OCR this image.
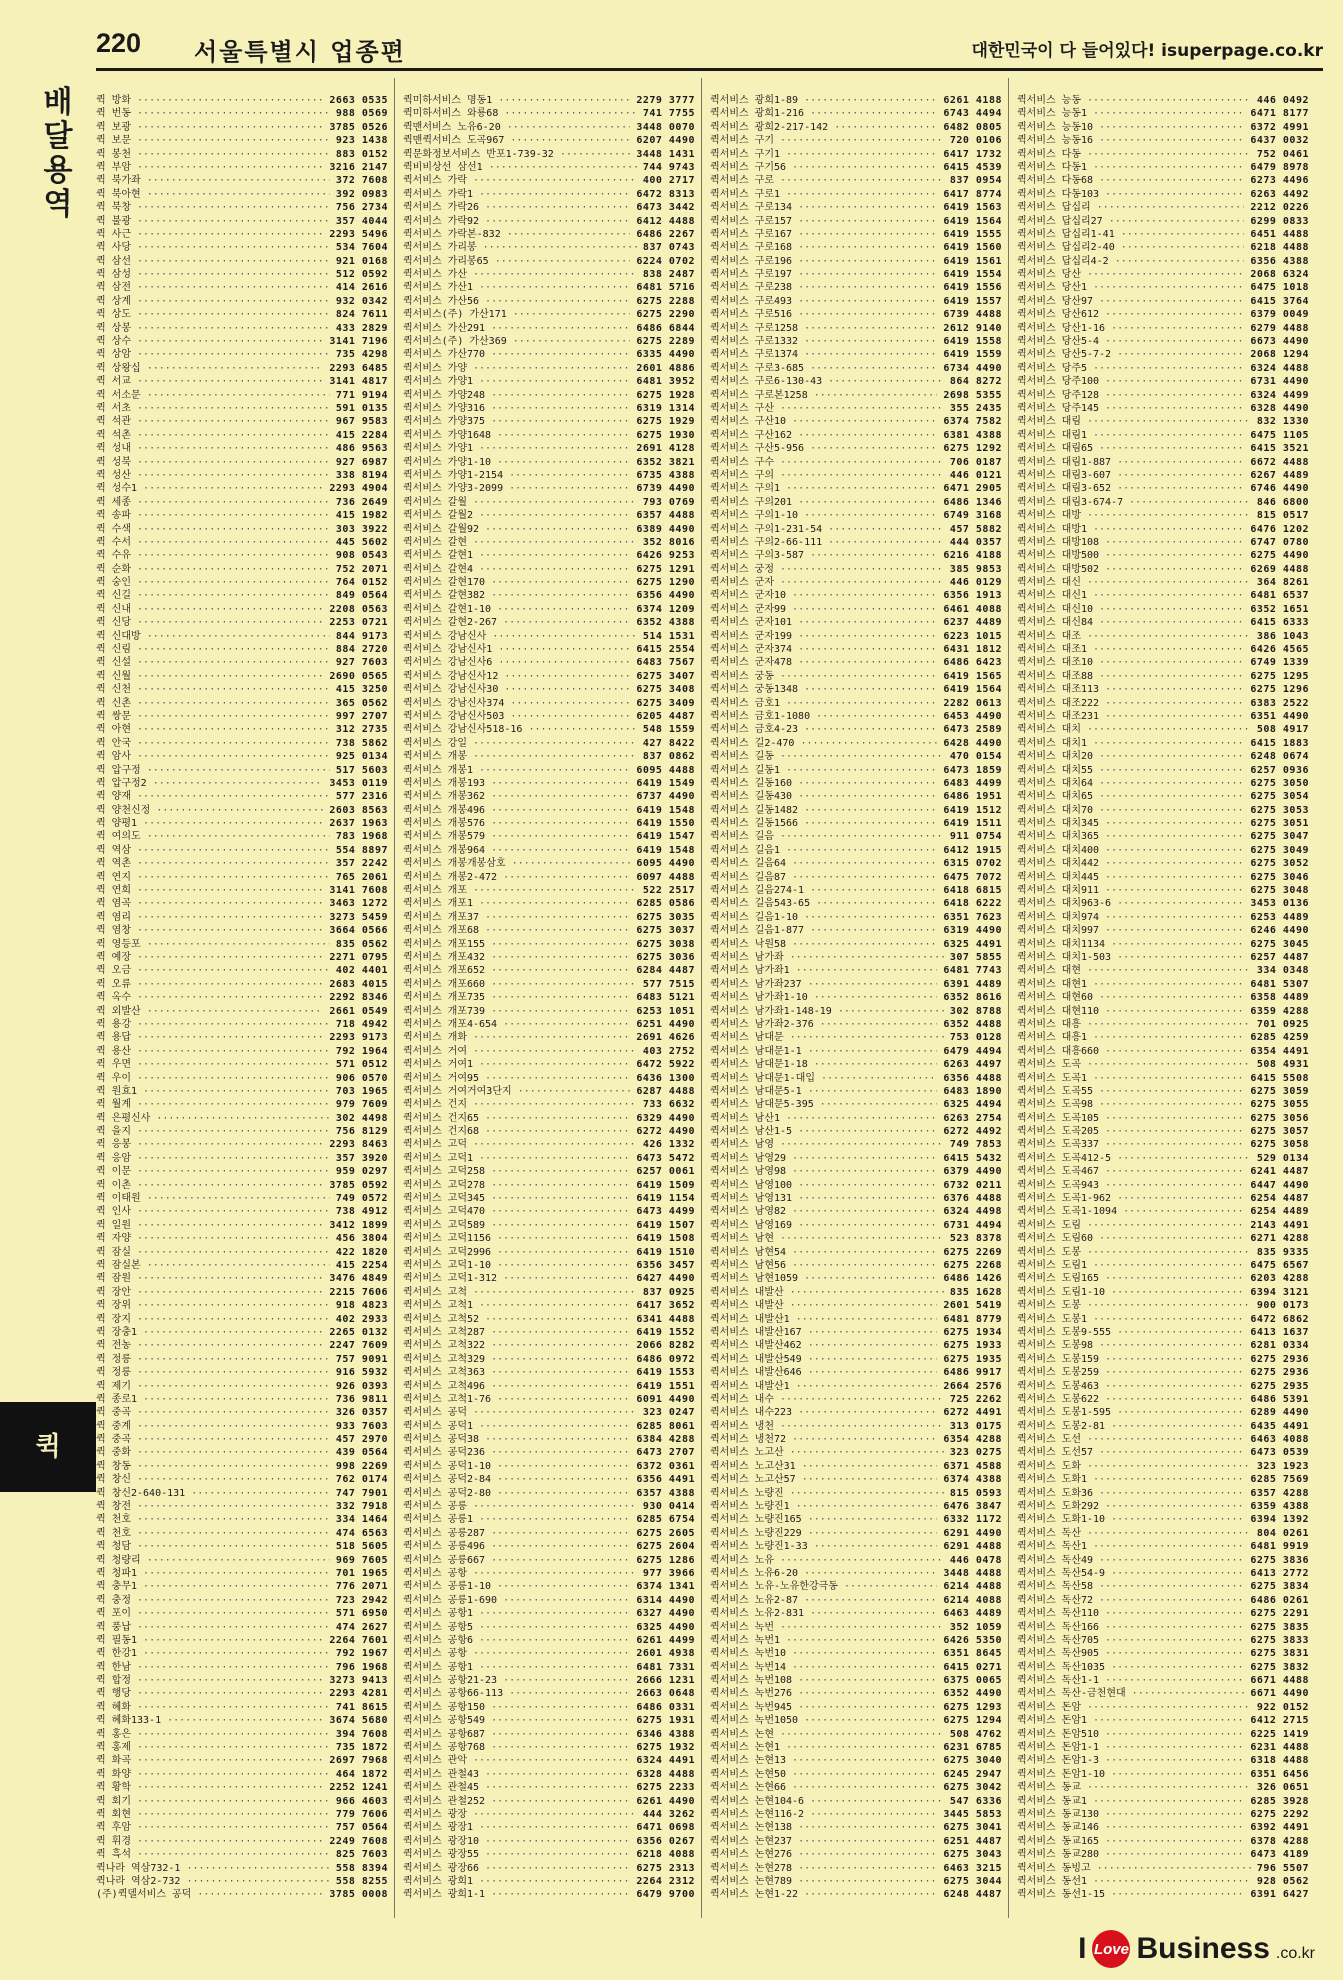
220 서울특별시 업종편	대한민국이 다 들어있다! isuperpage.co.kr
배달용역
퀵
퀵 방화 ·····	2663 0535
퀵 번동 ·····	988 0569
퀵 보광 ·····	3785 0526
퀵 보문 ·····	923 1438
퀵 봉천 ·····	883 0152
퀵 부암 ·····	3216 2147
퀵 북가좌 ·····	372 7608
퀵 북아현 ·····	392 0983
퀵 북창 ·····	756 2734
퀵 불광 ·····	357 4044
퀵 사근 ·····	2293 5496
퀵 사당 ·····	534 7604
퀵 삼선 ·····	921 0168
퀵 삼성 ·····	512 0592
퀵 삼전 ·····	414 2616
퀵 상계 ·····	932 0342
퀵 상도 ·····	824 7611
퀵 상봉 ·····	433 2829
퀵 상수 ·····	3141 7196
퀵 상암 ·····	735 4298
퀵 상왕십 ·····	2293 6485
퀵 서교 ·····	3141 4817
퀵 서소문 ·····	771 9194
퀵 서초 ·····	591 0135
퀵 석관 ·····	967 9583
퀵 석촌 ·····	415 2284
퀵 성내 ·····	486 9563
퀵 성북 ·····	927 6987
퀵 성산 ·····	338 8194
퀵 성수1 ·····	2293 4904
퀵 세종 ·····	736 2649
퀵 송파 ·····	415 1982
퀵 수색 ·····	303 3922
퀵 수서 ·····	445 5602
퀵 수유 ·····	908 0543
퀵 순화 ·····	752 2071
퀵 숭인 ·····	764 0152
퀵 신길 ·····	849 0564
퀵 신내 ·····	2208 0563
퀵 신당 ·····	2253 0721
퀵 신대방 ·····	844 9173
퀵 신림 ·····	884 2720
퀵 신설 ·····	927 7603
퀵 신월 ·····	2690 0565
퀵 신천 ·····	415 3250
퀵 신촌 ·····	365 0562
퀵 쌍문 ·····	997 2707
퀵 아현 ·····	312 2735
퀵 안국 ·····	738 5862
퀵 암사 ·····	925 0134
퀵 압구정 ·····	517 5603
퀵 압구정2 ·····	3453 0119
퀵 양재 ·····	577 2316
퀵 양천신정 ·····	2603 8563
퀵 양평1 ·····	2637 1963
퀵 여의도 ·····	783 1968
퀵 역삼 ·····	554 8897
퀵 역촌 ·····	357 2242
퀵 연지 ·····	765 2061
퀵 연희 ·····	3141 7608
퀵 염곡 ·····	3463 1272
퀵 염리 ·····	3273 5459
퀵 염창 ·····	3664 0566
퀵 영등포 ·····	835 0562
퀵 예장 ·····	2271 0795
퀵 오금 ·····	402 4401
퀵 오류 ·····	2683 4015
퀵 옥수 ·····	2292 8346
퀵 외발산 ·····	2661 0549
퀵 용강 ·····	718 4942
퀵 용답 ·····	2293 9173
퀵 용산 ·····	792 1964
퀵 우면 ·····	571 0512
퀵 우이 ·····	906 0570
퀵 원효1 ·····	703 1965
퀵 월계 ·····	979 7609
퀵 은평신사 ·····	302 4498
퀵 을지 ·····	756 8129
퀵 응봉 ·····	2293 8463
퀵 응암 ·····	357 3920
퀵 이문 ·····	959 0297
퀵 이촌 ·····	3785 0592
퀵 이태원 ·····	749 0572
퀵 인사 ·····	738 4912
퀵 일원 ·····	3412 1899
퀵 자양 ·····	456 3804
퀵 잠실 ·····	422 1820
퀵 잠실본 ·····	415 2254
퀵 잠원 ·····	3476 4849
퀵 장안 ·····	2215 7606
퀵 장위 ·····	918 4823
퀵 장지 ·····	402 2933
퀵 장충1 ·····	2265 0132
퀵 전농 ·····	2247 7609
퀵 정릉 ·····	757 9091
퀵 정릉 ·····	916 5932
퀵 제기 ·····	926 0393
퀵 종로1 ·····	736 9811
퀵 중곡 ·····	326 0357
퀵 중계 ·····	933 7603
퀵 중곡 ·····	457 2970
퀵 중화 ·····	439 0564
퀵 창동 ·····	998 2269
퀵 창신 ·····	762 0174
퀵 창신2-640-131 ·····	747 7901
퀵 창전 ·····	332 7918
퀵 천호 ·····	334 1464
퀵 천호 ·····	474 6563
퀵 청담 ·····	518 5605
퀵 청량리 ·····	969 7605
퀵 청파1 ·····	701 1965
퀵 충무1 ·····	776 2071
퀵 충정 ·····	723 2942
퀵 포이 ·····	571 6950
퀵 풍납 ·····	474 2627
퀵 필동1 ·····	2264 7601
퀵 한강1 ·····	792 1967
퀵 한남 ·····	796 1968
퀵 합정 ·····	3273 9413
퀵 행당 ·····	2293 4281
퀵 혜화 ·····	741 8615
퀵 혜화133-1 ·····	3674 5680
퀵 홍은 ·····	394 7608
퀵 홍제 ·····	735 1872
퀵 화곡 ·····	2697 7968
퀵 화양 ·····	464 1872
퀵 황학 ·····	2252 1241
퀵 회기 ·····	966 4603
퀵 회현 ·····	779 7606
퀵 후암 ·····	757 0564
퀵 휘경 ·····	2249 7608
퀵 흑석 ·····	825 7603
퀵나라 역삼732-1 ·····	558 8394
퀵나라 역삼2-732 ·····	558 8255
(주)퀵델서비스 공덕 ·····	3785 0008
퀵미하서비스 명동1 ·····	2279 3777
퀵미하서비스 와룡68 ·····	741 7755
퀵맨서비스 노유6-20 ·····	3448 0070
퀵맨퀵서비스 도곡967 ·····	6207 4490
퀵문화정보서비스 반포1-739-32 ·····	3448 1431
퀵비비상선 삼선1 ·····	744 9743
퀵서비스 가락 ·····	400 2717
퀵서비스 가락1 ·····	6472 8313
퀵서비스 가락26 ·····	6473 3442
퀵서비스 가락92 ·····	6412 4488
퀵서비스 가락본-832 ·····	6486 2267
퀵서비스 가리봉 ·····	837 0743
퀵서비스 가리봉65 ·····	6224 0702
퀵서비스 가산 ·····	838 2487
퀵서비스 가산1 ·····	6481 5716
퀵서비스 가산56 ·····	6275 2288
퀵서비스(주) 가산171 ·····	6275 2290
퀵서비스 가산291 ·····	6486 6844
퀵서비스(주) 가산369 ·····	6275 2289
퀵서비스 가산770 ·····	6335 4490
퀵서비스 가양 ·····	2601 4886
퀵서비스 가양1 ·····	6481 3952
퀵서비스 가양248 ·····	6275 1928
퀵서비스 가양316 ·····	6319 1314
퀵서비스 가양375 ·····	6275 1929
퀵서비스 가양1648 ·····	6275 1930
퀵서비스 가양1 ·····	2691 4128
퀵서비스 가양1-10 ·····	6352 3821
퀵서비스 가양1-2154 ·····	6735 4388
퀵서비스 가양3-2099 ·····	6739 4490
퀵서비스 갈월 ·····	793 0769
퀵서비스 갈월2 ·····	6357 4488
퀵서비스 갈월92 ·····	6389 4490
퀵서비스 갈현 ·····	352 8016
퀵서비스 갈현1 ·····	6426 9253
퀵서비스 갈현4 ·····	6275 1291
퀵서비스 갈현170 ·····	6275 1290
퀵서비스 갈현382 ·····	6356 4490
퀵서비스 갈현1-10 ·····	6374 1209
퀵서비스 갈현2-267 ·····	6352 4388
퀵서비스 강남신사 ·····	514 1531
퀵서비스 강남신사1 ·····	6415 2554
퀵서비스 강남신사6 ·····	6483 7567
퀵서비스 강남신사12 ·····	6275 3407
퀵서비스 강남신사30 ·····	6275 3408
퀵서비스 강남신사374 ·····	6275 3409
퀵서비스 강남신사503 ·····	6205 4487
퀵서비스 강남신사518-16 ·····	548 1559
퀵서비스 강일 ·····	427 8422
퀵서비스 개봉 ·····	837 0862
퀵서비스 개봉1 ·····	6095 4488
퀵서비스 개봉193 ·····	6419 1549
퀵서비스 개봉362 ·····	6737 4490
퀵서비스 개봉496 ·····	6419 1548
퀵서비스 개봉576 ·····	6419 1550
퀵서비스 개봉579 ·····	6419 1547
퀵서비스 개봉964 ·····	6419 1548
퀵서비스 개봉개봉삼호 ·····	6095 4490
퀵서비스 개봉2-472 ·····	6097 4488
퀵서비스 개포 ·····	522 2517
퀵서비스 개포1 ·····	6285 0586
퀵서비스 개포37 ·····	6275 3035
퀵서비스 개포68 ·····	6275 3037
퀵서비스 개포155 ·····	6275 3038
퀵서비스 개포432 ·····	6275 3036
퀵서비스 개포652 ·····	6284 4487
퀵서비스 개포660 ·····	577 7515
퀵서비스 개포735 ·····	6483 5121
퀵서비스 개포739 ·····	6253 1051
퀵서비스 개포4-654 ·····	6251 4490
퀵서비스 개화 ·····	2691 4626
퀵서비스 거여 ·····	403 2752
퀵서비스 거여1 ·····	6472 5922
퀵서비스 거여95 ·····	6436 1300
퀵서비스 거여거여3단지 ·····	6287 4488
퀵서비스 건지 ·····	733 6632
퀵서비스 건지65 ·····	6329 4490
퀵서비스 건지68 ·····	6272 4490
퀵서비스 고덕 ·····	426 1332
퀵서비스 고덕1 ·····	6473 5472
퀵서비스 고덕258 ·····	6257 0061
퀵서비스 고덕278 ·····	6419 1509
퀵서비스 고덕345 ·····	6419 1154
퀵서비스 고덕470 ·····	6473 4499
퀵서비스 고덕589 ·····	6419 1507
퀵서비스 고덕1156 ·····	6419 1508
퀵서비스 고덕2996 ·····	6419 1510
퀵서비스 고덕1-10 ·····	6356 3457
퀵서비스 고덕1-312 ·····	6427 4490
퀵서비스 고척 ·····	837 0925
퀵서비스 고척1 ·····	6417 3652
퀵서비스 고척52 ·····	6341 4488
퀵서비스 고척287 ·····	6419 1552
퀵서비스 고척322 ·····	2066 8282
퀵서비스 고척329 ·····	6486 0972
퀵서비스 고척363 ·····	6419 1553
퀵서비스 고척496 ·····	6419 1551
퀵서비스 고척1-76 ·····	6091 4490
퀵서비스 공덕 ·····	323 0247
퀵서비스 공덕1 ·····	6285 8061
퀵서비스 공덕38 ·····	6384 4288
퀵서비스 공덕236 ·····	6473 2707
퀵서비스 공덕1-10 ·····	6372 0361
퀵서비스 공덕2-84 ·····	6356 4491
퀵서비스 공덕2-80 ·····	6357 4388
퀵서비스 공릉 ·····	930 0414
퀵서비스 공릉1 ·····	6285 6754
퀵서비스 공릉287 ·····	6275 2605
퀵서비스 공릉496 ·····	6275 2604
퀵서비스 공릉667 ·····	6275 1286
퀵서비스 공항 ·····	977 3966
퀵서비스 공릉1-10 ·····	6374 1341
퀵서비스 공릉1-690 ·····	6314 4490
퀵서비스 공항1 ·····	6327 4490
퀵서비스 공항5 ·····	6325 4490
퀵서비스 공항6 ·····	6261 4499
퀵서비스 공항 ·····	2601 4938
퀵서비스 공항1 ·····	6481 7331
퀵서비스 공항21-23 ·····	2666 1231
퀵서비스 공항66-113 ·····	2663 0648
퀵서비스 공항150 ·····	6486 0331
퀵서비스 공항549 ·····	6275 1931
퀵서비스 공항687 ·····	6346 4388
퀵서비스 공항768 ·····	6275 1932
퀵서비스 관악 ·····	6324 4491
퀵서비스 관철43 ·····	6328 4488
퀵서비스 관철45 ·····	6275 2233
퀵서비스 관철252 ·····	6261 4490
퀵서비스 광장 ·····	444 3262
퀵서비스 광장1 ·····	6471 0698
퀵서비스 광장10 ·····	6356 0267
퀵서비스 광장55 ·····	6218 4088
퀵서비스 광장66 ·····	6275 2313
퀵서비스 광희1 ·····	2264 2312
퀵서비스 광희1-1 ·····	6479 9700
퀵서비스 광희1-89 ·····	6261 4188
퀵서비스 광희1-216 ·····	6743 4494
퀵서비스 광희2-217-142 ·····	6482 0805
퀵서비스 구기 ·····	720 0106
퀵서비스 구기1 ·····	6417 1732
퀵서비스 구기56 ·····	6415 4539
퀵서비스 구로 ·····	837 0954
퀵서비스 구로1 ·····	6417 8774
퀵서비스 구로134 ·····	6419 1563
퀵서비스 구로157 ·····	6419 1564
퀵서비스 구로167 ·····	6419 1555
퀵서비스 구로168 ·····	6419 1560
퀵서비스 구로196 ·····	6419 1561
퀵서비스 구로197 ·····	6419 1554
퀵서비스 구로238 ·····	6419 1556
퀵서비스 구로493 ·····	6419 1557
퀵서비스 구로516 ·····	6739 4488
퀵서비스 구로1258 ·····	2612 9140
퀵서비스 구로1332 ·····	6419 1558
퀵서비스 구로1374 ·····	6419 1559
퀵서비스 구로3-685 ·····	6734 4490
퀵서비스 구로6-130-43 ·····	864 8272
퀵서비스 구로본1258 ·····	2698 5355
퀵서비스 구산 ·····	355 2435
퀵서비스 구산10 ·····	6374 7582
퀵서비스 구산162 ·····	6381 4388
퀵서비스 구산5-956 ·····	6275 1292
퀵서비스 구수 ·····	706 0187
퀵서비스 구의 ·····	446 0121
퀵서비스 구의1 ·····	6471 2905
퀵서비스 구의201 ·····	6486 1346
퀵서비스 구의1-10 ·····	6749 3168
퀵서비스 구의1-231-54 ·····	457 5882
퀵서비스 구의2-66-111 ·····	444 0357
퀵서비스 구의3-587 ·····	6216 4188
퀵서비스 궁정 ·····	385 9853
퀵서비스 군자 ·····	446 0129
퀵서비스 군자10 ·····	6356 1913
퀵서비스 군자99 ·····	6461 4088
퀵서비스 군자101 ·····	6237 4489
퀵서비스 군자199 ·····	6223 1015
퀵서비스 군자374 ·····	6431 1812
퀵서비스 군자478 ·····	6486 6423
퀵서비스 궁동 ·····	6419 1565
퀵서비스 궁동1348 ·····	6419 1564
퀵서비스 금호1 ·····	2282 0613
퀵서비스 금호1-1080 ·····	6453 4490
퀵서비스 금호4-23 ·····	6473 2589
퀵서비스 길2-470 ·····	6428 4490
퀵서비스 길동 ·····	470 0154
퀵서비스 길동1 ·····	6473 1859
퀵서비스 길동160 ·····	6483 4499
퀵서비스 길동430 ·····	6486 1951
퀵서비스 길동1482 ·····	6419 1512
퀵서비스 길동1566 ·····	6419 1511
퀵서비스 길음 ·····	911 0754
퀵서비스 길음1 ·····	6412 1915
퀵서비스 길음64 ·····	6315 0702
퀵서비스 길음87 ·····	6475 7072
퀵서비스 길음274-1 ·····	6418 6815
퀵서비스 길음543-65 ·····	6418 6222
퀵서비스 길음1-10 ·····	6351 7623
퀵서비스 길음1-877 ·····	6319 4490
퀵서비스 낙원58 ·····	6325 4491
퀵서비스 남가좌 ·····	307 5855
퀵서비스 남가좌1 ·····	6481 7743
퀵서비스 남가좌237 ·····	6391 4489
퀵서비스 남가좌1-10 ·····	6352 8616
퀵서비스 남가좌1-148-19 ·····	302 8788
퀵서비스 남가좌2-376 ·····	6352 4488
퀵서비스 남대문 ·····	753 0128
퀵서비스 남대문1-1 ·····	6479 4494
퀵서비스 남대문1-18 ·····	6263 4497
퀵서비스 남대문1-대입 ·····	6356 4488
퀵서비스 남대문5-1 ·····	6483 1890
퀵서비스 남대문5-395 ·····	6325 4494
퀵서비스 남산1 ·····	6263 2754
퀵서비스 남산1-5 ·····	6272 4492
퀵서비스 남영 ·····	749 7853
퀵서비스 남영29 ·····	6415 5432
퀵서비스 남영98 ·····	6379 4490
퀵서비스 남영100 ·····	6732 0211
퀵서비스 남영131 ·····	6376 4488
퀵서비스 남영82 ·····	6324 4498
퀵서비스 남영169 ·····	6731 4494
퀵서비스 남현 ·····	523 8378
퀵서비스 남현54 ·····	6275 2269
퀵서비스 남현56 ·····	6275 2268
퀵서비스 남현1059 ·····	6486 1426
퀵서비스 내발산 ·····	835 1628
퀵서비스 내발산 ·····	2601 5419
퀵서비스 내발산1 ·····	6481 8779
퀵서비스 내발산167 ·····	6275 1934
퀵서비스 내발산462 ·····	6275 1933
퀵서비스 내발산549 ·····	6275 1935
퀵서비스 내발산646 ·····	6486 9917
퀵서비스 내발산1 ·····	2664 2576
퀵서비스 내수 ·····	725 2262
퀵서비스 내수223 ·····	6272 4491
퀵서비스 냉천 ·····	313 0175
퀵서비스 냉천72 ·····	6354 4288
퀵서비스 노고산 ·····	323 0275
퀵서비스 노고산31 ·····	6371 4588
퀵서비스 노고산57 ·····	6374 4388
퀵서비스 노량진 ·····	815 0593
퀵서비스 노량진1 ·····	6476 3847
퀵서비스 노량진165 ·····	6332 1172
퀵서비스 노량진229 ·····	6291 4490
퀵서비스 노량진1-33 ·····	6291 4488
퀵서비스 노유 ·····	446 0478
퀵서비스 노유6-20 ·····	3448 4488
퀵서비스 노유-노유한강극동 ·····	6214 4488
퀵서비스 노유2-87 ·····	6214 4088
퀵서비스 노유2-831 ·····	6463 4489
퀵서비스 녹번 ·····	352 1059
퀵서비스 녹번1 ·····	6426 5350
퀵서비스 녹번10 ·····	6351 8645
퀵서비스 녹번14 ·····	6415 0271
퀵서비스 녹번108 ·····	6375 0065
퀵서비스 녹번276 ·····	6352 4490
퀵서비스 녹번945 ·····	6275 1293
퀵서비스 녹번1050 ·····	6275 1294
퀵서비스 논현 ·····	508 4762
퀵서비스 논현1 ·····	6231 6785
퀵서비스 논현13 ·····	6275 3040
퀵서비스 논현50 ·····	6245 2947
퀵서비스 논현66 ·····	6275 3042
퀵서비스 논현104-6 ·····	547 6336
퀵서비스 논현116-2 ·····	3445 5853
퀵서비스 논현138 ·····	6275 3041
퀵서비스 논현237 ·····	6251 4487
퀵서비스 논현276 ·····	6275 3043
퀵서비스 논현278 ·····	6463 3215
퀵서비스 논현789 ·····	6275 3044
퀵서비스 논현1-22 ·····	6248 4487
퀵서비스 능동 ·····	446 0492
퀵서비스 능동1 ·····	6471 8177
퀵서비스 능동10 ·····	6372 4991
퀵서비스 능동16 ·····	6437 0032
퀵서비스 다동 ·····	752 0461
퀵서비스 다동1 ·····	6479 8978
퀵서비스 다동68 ·····	6273 4496
퀵서비스 다동103 ·····	6263 4492
퀵서비스 답십리 ·····	2212 0226
퀵서비스 답십리27 ·····	6299 0833
퀵서비스 답십리1-41 ·····	6451 4488
퀵서비스 답십리2-40 ·····	6218 4488
퀵서비스 답십리4-2 ·····	6356 4388
퀵서비스 당산 ·····	2068 6324
퀵서비스 당산1 ·····	6475 1018
퀵서비스 당산97 ·····	6415 3764
퀵서비스 당산612 ·····	6379 0049
퀵서비스 당산1-16 ·····	6279 4488
퀵서비스 당산5-4 ·····	6673 4490
퀵서비스 당산5-7-2 ·····	2068 1294
퀵서비스 당주5 ·····	6324 4488
퀵서비스 당주100 ·····	6731 4490
퀵서비스 당주128 ·····	6324 4499
퀵서비스 당주145 ·····	6328 4490
퀵서비스 대림 ·····	832 1330
퀵서비스 대림1 ·····	6475 1105
퀵서비스 대림65 ·····	6415 3521
퀵서비스 대림1-887 ·····	6672 4488
퀵서비스 대림3-607 ·····	6267 4489
퀵서비스 대림3-652 ·····	6746 4490
퀵서비스 대림3-674-7 ·····	846 6800
퀵서비스 대방 ·····	815 0517
퀵서비스 대방1 ·····	6476 1202
퀵서비스 대방108 ·····	6747 0780
퀵서비스 대방500 ·····	6275 4490
퀵서비스 대방502 ·····	6269 4488
퀵서비스 대신 ·····	364 8261
퀵서비스 대신1 ·····	6481 6537
퀵서비스 대신10 ·····	6352 1651
퀵서비스 대신84 ·····	6415 6333
퀵서비스 대조 ·····	386 1043
퀵서비스 대조1 ·····	6426 4565
퀵서비스 대조10 ·····	6749 1339
퀵서비스 대조88 ·····	6275 1295
퀵서비스 대조113 ·····	6275 1296
퀵서비스 대조222 ·····	6383 2522
퀵서비스 대조231 ·····	6351 4490
퀵서비스 대치 ·····	508 4917
퀵서비스 대치1 ·····	6415 1883
퀵서비스 대치20 ·····	6248 0674
퀵서비스 대치55 ·····	6257 0936
퀵서비스 대치64 ·····	6275 3050
퀵서비스 대치65 ·····	6275 3054
퀵서비스 대치70 ·····	6275 3053
퀵서비스 대치345 ·····	6275 3051
퀵서비스 대치365 ·····	6275 3047
퀵서비스 대치400 ·····	6275 3049
퀵서비스 대치442 ·····	6275 3052
퀵서비스 대치445 ·····	6275 3046
퀵서비스 대치911 ·····	6275 3048
퀵서비스 대치963-6 ·····	3453 0136
퀵서비스 대치974 ·····	6253 4489
퀵서비스 대치997 ·····	6246 4490
퀵서비스 대치1134 ·····	6275 3045
퀵서비스 대치1-503 ·····	6257 4487
퀵서비스 대현 ·····	334 0348
퀵서비스 대현1 ·····	6481 5307
퀵서비스 대현60 ·····	6358 4489
퀵서비스 대현110 ·····	6359 4288
퀵서비스 대흥 ·····	701 0925
퀵서비스 대흥1 ·····	6285 4259
퀵서비스 대흥660 ·····	6354 4491
퀵서비스 도곡 ·····	508 4931
퀵서비스 도곡1 ·····	6415 5508
퀵서비스 도곡55 ·····	6275 3059
퀵서비스 도곡98 ·····	6275 3055
퀵서비스 도곡105 ·····	6275 3056
퀵서비스 도곡205 ·····	6275 3057
퀵서비스 도곡337 ·····	6275 3058
퀵서비스 도곡412-5 ·····	529 0134
퀵서비스 도곡467 ·····	6241 4487
퀵서비스 도곡943 ·····	6447 4490
퀵서비스 도곡1-962 ·····	6254 4487
퀵서비스 도곡1-1094 ·····	6254 4489
퀵서비스 도림 ·····	2143 4491
퀵서비스 도림60 ·····	6271 4288
퀵서비스 도봉 ·····	835 9335
퀵서비스 도림1 ·····	6475 6567
퀵서비스 도림165 ·····	6203 4288
퀵서비스 도림1-10 ·····	6394 3121
퀵서비스 도봉 ·····	900 0173
퀵서비스 도봉1 ·····	6472 6862
퀵서비스 도봉9-555 ·····	6413 1637
퀵서비스 도봉98 ·····	6281 0334
퀵서비스 도봉159 ·····	6275 2936
퀵서비스 도봉259 ·····	6275 2936
퀵서비스 도봉463 ·····	6275 2935
퀵서비스 도봉622 ·····	6486 5391
퀵서비스 도봉1-595 ·····	6289 4490
퀵서비스 도봉2-81 ·····	6435 4491
퀵서비스 도선 ·····	6463 4088
퀵서비스 도선57 ·····	6473 0539
퀵서비스 도화 ·····	323 1923
퀵서비스 도화1 ·····	6285 7569
퀵서비스 도화36 ·····	6357 4288
퀵서비스 도화292 ·····	6359 4388
퀵서비스 도화1-10 ·····	6394 1392
퀵서비스 독산 ·····	804 0261
퀵서비스 독산1 ·····	6481 9919
퀵서비스 독산49 ·····	6275 3836
퀵서비스 독산54-9 ·····	6413 2772
퀵서비스 독산58 ·····	6275 3834
퀵서비스 독산72 ·····	6486 0261
퀵서비스 독산110 ·····	6275 2291
퀵서비스 독산166 ·····	6275 3835
퀵서비스 독산705 ·····	6275 3833
퀵서비스 독산905 ·····	6275 3831
퀵서비스 독산1035 ·····	6275 3832
퀵서비스 독산1-1 ·····	6671 4488
퀵서비스 독산-금천현대 ·····	6671 4490
퀵서비스 돈암 ·····	922 0152
퀵서비스 돈암1 ·····	6412 2715
퀵서비스 돈암510 ·····	6225 1419
퀵서비스 돈암1-1 ·····	6231 4488
퀵서비스 돈암1-3 ·····	6318 4488
퀵서비스 돈암1-10 ·····	6351 6456
퀵서비스 동교 ·····	326 0651
퀵서비스 동교1 ·····	6285 3928
퀵서비스 동교130 ·····	6275 2292
퀵서비스 동교146 ·····	6392 4491
퀵서비스 동교165 ·····	6378 4288
퀵서비스 동교280 ·····	6473 4189
퀵서비스 동빙고 ·····	796 5507
퀵서비스 동선1 ·····	928 0562
퀵서비스 동선1-15 ·····	6391 6427
I Love Business .co.kr
